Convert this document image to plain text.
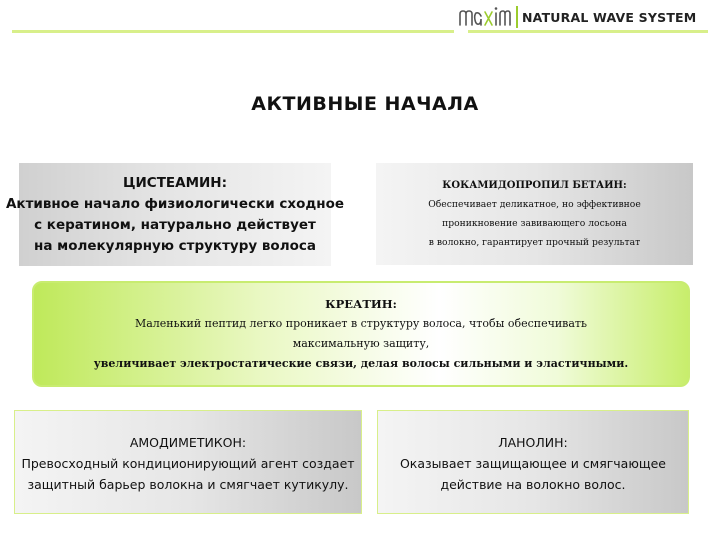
NATURAL WAVE SYSTEM
АКТИВНЫЕ НАЧАЛА
ЦИСТЕАМИН:
Активное начало физиологически сходное
с кератином, натурально действует
на молекулярную структуру волоса
КОКАМИДОПРОПИЛ БЕТАИН:
Обеспечивает деликатное, но эффективное
проникновение завивающего лосьона
в волокно, гарантирует прочный результат
КРЕАТИН:
Маленький пептид легко проникает в структуру волоса, чтобы обеспечивать
максимальную защиту,
увеличивает электростатические связи, делая волосы сильными и эластичными.
АМОДИМЕТИКОН:
Превосходный кондиционирующий агент создает
защитный барьер волокна и смягчает кутикулу.
ЛАНОЛИН:
Оказывает защищающее и смягчающее
действие на волокно волос.
